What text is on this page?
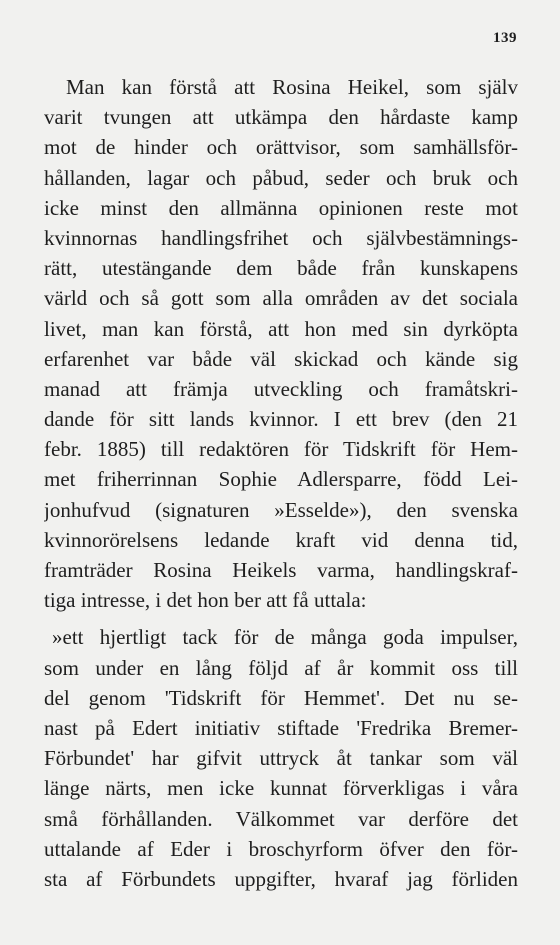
139
Man kan förstå att Rosina Heikel, som själv
varit tvungen att utkämpa den hårdaste kamp
mot de hinder och orättvisor, som samhällsför-
hållanden, lagar och påbud, seder och bruk och
icke minst den allmänna opinionen reste mot
kvinnornas handlingsfrihet och självbestämnings-
rätt, utestängande dem både från kunskapens
värld och så gott som alla områden av det sociala
livet, man kan förstå, att hon med sin dyrköpta
erfarenhet var både väl skickad och kände sig
manad att främja utveckling och framåtskri-
dande för sitt lands kvinnor. I ett brev (den 21
febr. 1885) till redaktören för Tidskrift för Hem-
met friherrinnan Sophie Adlersparre, född Lei-
jonhufvud (signaturen »Esselde»), den svenska
kvinnorörelsens ledande kraft vid denna tid,
framträder Rosina Heikels varma, handlingskraf-
tiga intresse, i det hon ber att få uttala:
»ett hjertligt tack för de många goda impulser,
som under en lång följd af år kommit oss till
del genom 'Tidskrift för Hemmet'. Det nu se-
nast på Edert initiativ stiftade 'Fredrika Bremer-
Förbundet' har gifvit uttryck åt tankar som väl
länge närts, men icke kunnat förverkligas i våra
små förhållanden. Välkommet var derföre det
uttalande af Eder i broschyrform öfver den för-
sta af Förbundets uppgifter, hvaraf jag förliden
